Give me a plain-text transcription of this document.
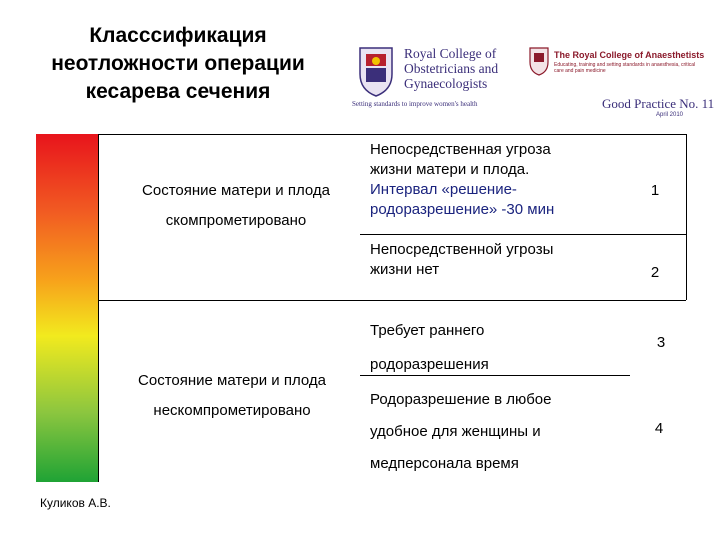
Класссификация неотложности операции кесарева сечения
Royal College of Obstetricians and Gynaecologists
Setting standards to improve women's health
The Royal College of Anaesthetists
Educating, training and setting standards in anaesthesia, critical care and pain medicine
Good Practice No. 11
April 2010
Состояние матери и плода
скомпрометировано
Состояние матери и плода
нескомпрометировано
Непосредственная угроза
жизни матери и плода.
Интервал «решение-
родоразрешение» -30 мин
1
Непосредственной угрозы
жизни нет	2
Требует раннего
родоразрешения
3
Родоразрешение в любое
удобное для женщины и
медперсонала время
4
Куликов А.В.
